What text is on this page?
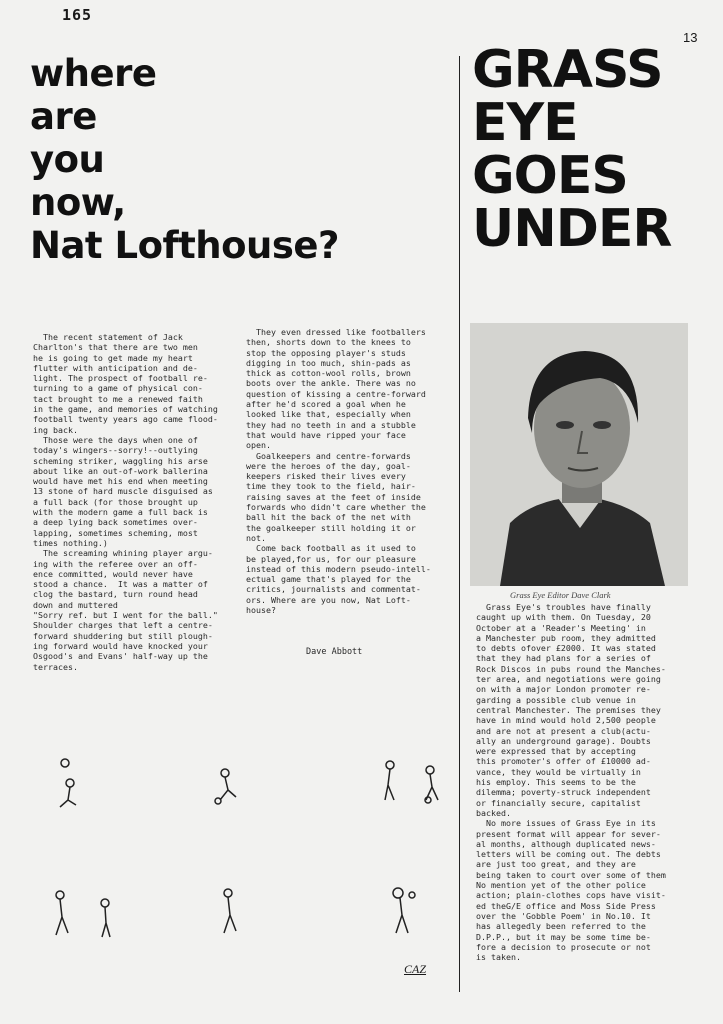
165
13
where
are
you
now,
Nat Lofthouse?
GRASS
EYE
GOES
UNDER
The recent statement of Jack
Charlton's that there are two men
he is going to get made my heart
flutter with anticipation and de-
light. The prospect of football re-
turning to a game of physical con-
tact brought to me a renewed faith
in the game, and memories of watching
football twenty years ago came flood-
ing back.
Those were the days when one of
today's wingers--sorry!--outlying
scheming striker, waggling his arse
about like an out-of-work ballerina
would have met his end when meeting
13 stone of hard muscle disguised as
a full back (for those brought up
with the modern game a full back is
a deep lying back sometimes over-
lapping, sometimes scheming, most
times nothing.)
The screaming whining player argu-
ing with the referee over an off-
ence committed, would never have
stood a chance.  It was a matter of
clog the bastard, turn round head
down and muttered
"Sorry ref. but I went for the ball."
Shoulder charges that left a centre-
forward shuddering but still plough-
ing forward would have knocked your
Osgood's and Evans' half-way up the
terraces.
They even dressed like footballers
then, shorts down to the knees to
stop the opposing player's studs
digging in too much, shin-pads as
thick as cotton-wool rolls, brown
boots over the ankle. There was no
question of kissing a centre-forward
after he'd scored a goal when he
looked like that, especially when
they had no teeth in and a stubble
that would have ripped your face
open.
Goalkeepers and centre-forwards
were the heroes of the day, goal-
keepers risked their lives every
time they took to the field, hair-
raising saves at the feet of inside
forwards who didn't care whether the
ball hit the back of the net with
the goalkeeper still holding it or
not.
Come back football as it used to
be played,for us, for our pleasure
instead of this modern pseudo-intell-
ectual game that's played for the
critics, journalists and commentat-
ors. Where are you now, Nat Loft-
house?
Dave Abbott
Grass Eye Editor Dave Clark
Grass Eye's troubles have finally
caught up with them. On Tuesday, 20
October at a 'Reader's Meeting' in
a Manchester pub room, they admitted
to debts ofover £2000. It was stated
that they had plans for a series of
Rock Discos in pubs round the Manches-
ter area, and negotiations were going
on with a major London promoter re-
garding a possible club venue in
central Manchester. The premises they
have in mind would hold 2,500 people
and are not at present a club(actu-
ally an underground garage). Doubts
were expressed that by accepting
this promoter's offer of £10000 ad-
vance, they would be virtually in
his employ. This seems to be the
dilemma; poverty-struck independent
or financially secure, capitalist
backed.
No more issues of Grass Eye in its
present format will appear for sever-
al months, although duplicated news-
letters will be coming out. The debts
are just too great, and they are
being taken to court over some of them
No mention yet of the other police
action; plain-clothes cops have visit-
ed theG/E office and Moss Side Press
over the 'Gobble Poem' in No.10. It
has allegedly been referred to the
D.P.P., but it may be some time be-
fore a decision to prosecute or not
is taken.
CAZ
